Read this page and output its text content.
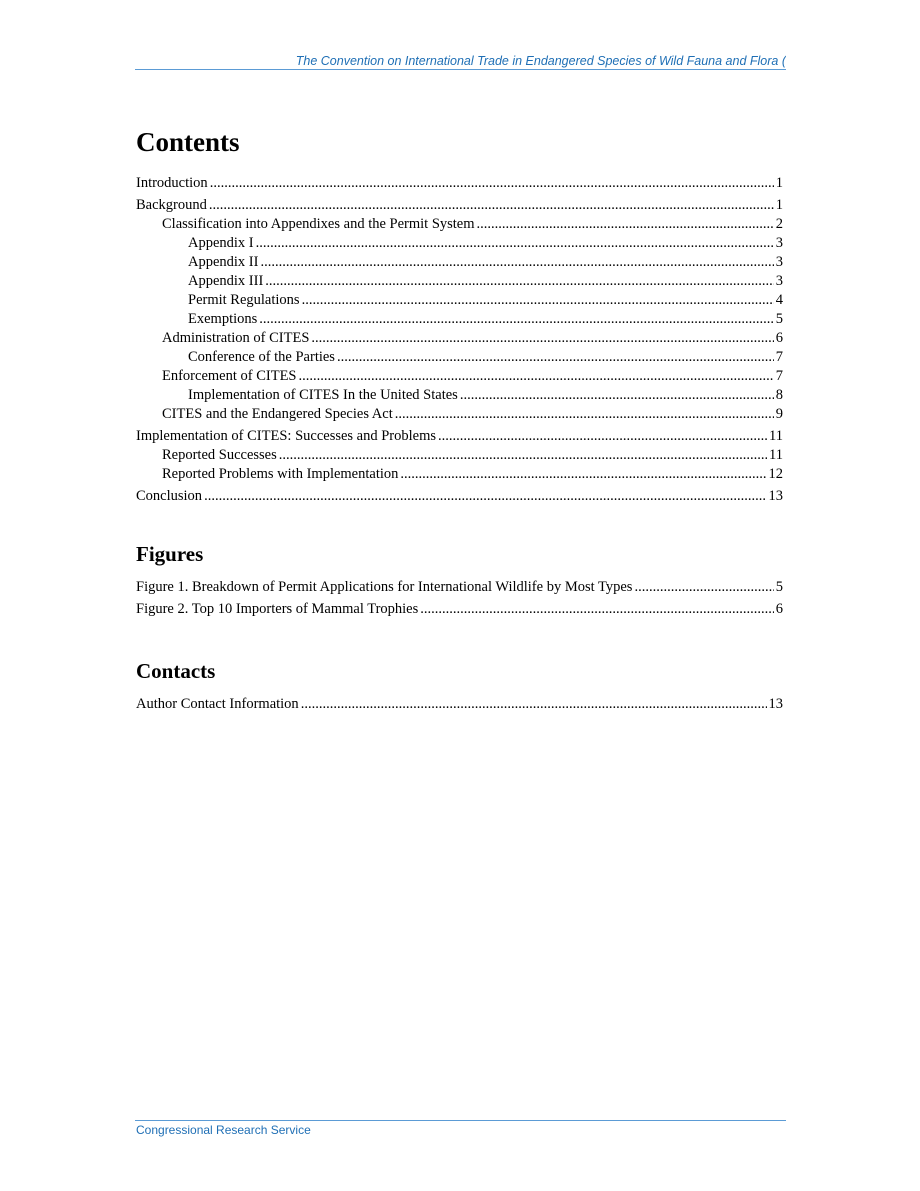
The Convention on International Trade in Endangered Species of Wild Fauna and Flora (
Contents
Introduction .....	1
Background .....	1
Classification into Appendixes and the Permit System .....	2
Appendix I .....	3
Appendix II .....	3
Appendix III .....	3
Permit Regulations .....	4
Exemptions .....	5
Administration of CITES .....	6
Conference of the Parties .....	7
Enforcement of CITES .....	7
Implementation of CITES In the United States .....	8
CITES and the Endangered Species Act .....	9
Implementation of CITES: Successes and Problems .....	11
Reported Successes .....	11
Reported Problems with Implementation .....	12
Conclusion .....	13
Figures
Figure 1. Breakdown of Permit Applications for International Wildlife by Most Types .....	5
Figure 2. Top 10 Importers of Mammal Trophies .....	6
Contacts
Author Contact Information .....	13
Congressional Research Service
